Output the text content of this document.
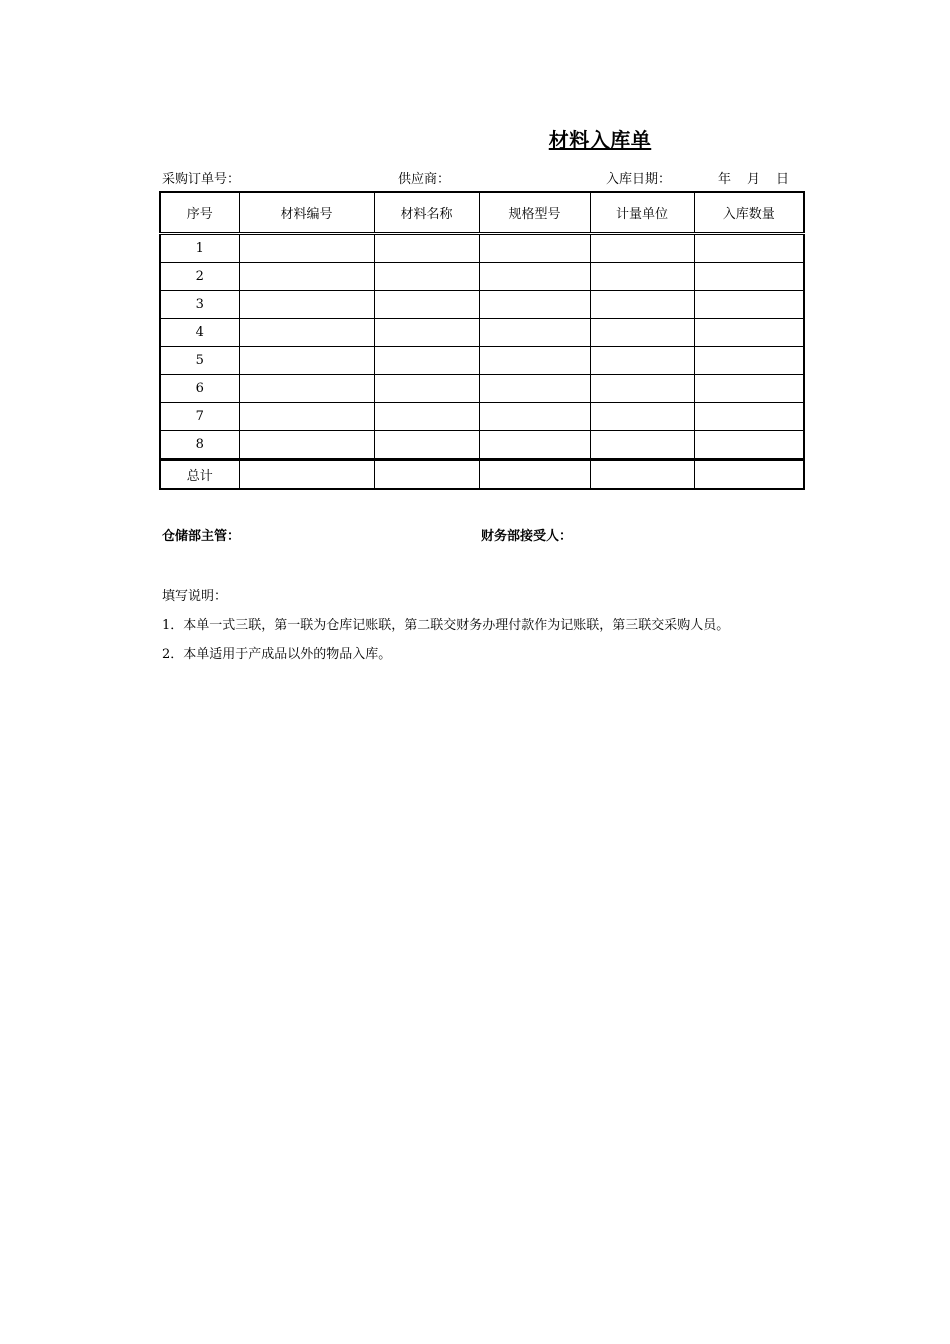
材料入库单
采购订单号：	供应商：	入库日期：	年 月 日
序号	材料编号	材料名称	规格型号	计量单位	入库数量
1					
2					
3					
4					
5					
6					
7					
8					
总计					
仓储部主管：	财务部接受人：
填写说明：
1．本单一式三联，第一联为仓库记账联，第二联交财务办理付款作为记账联，第三联交采购人员。
2．本单适用于产成品以外的物品入库。
